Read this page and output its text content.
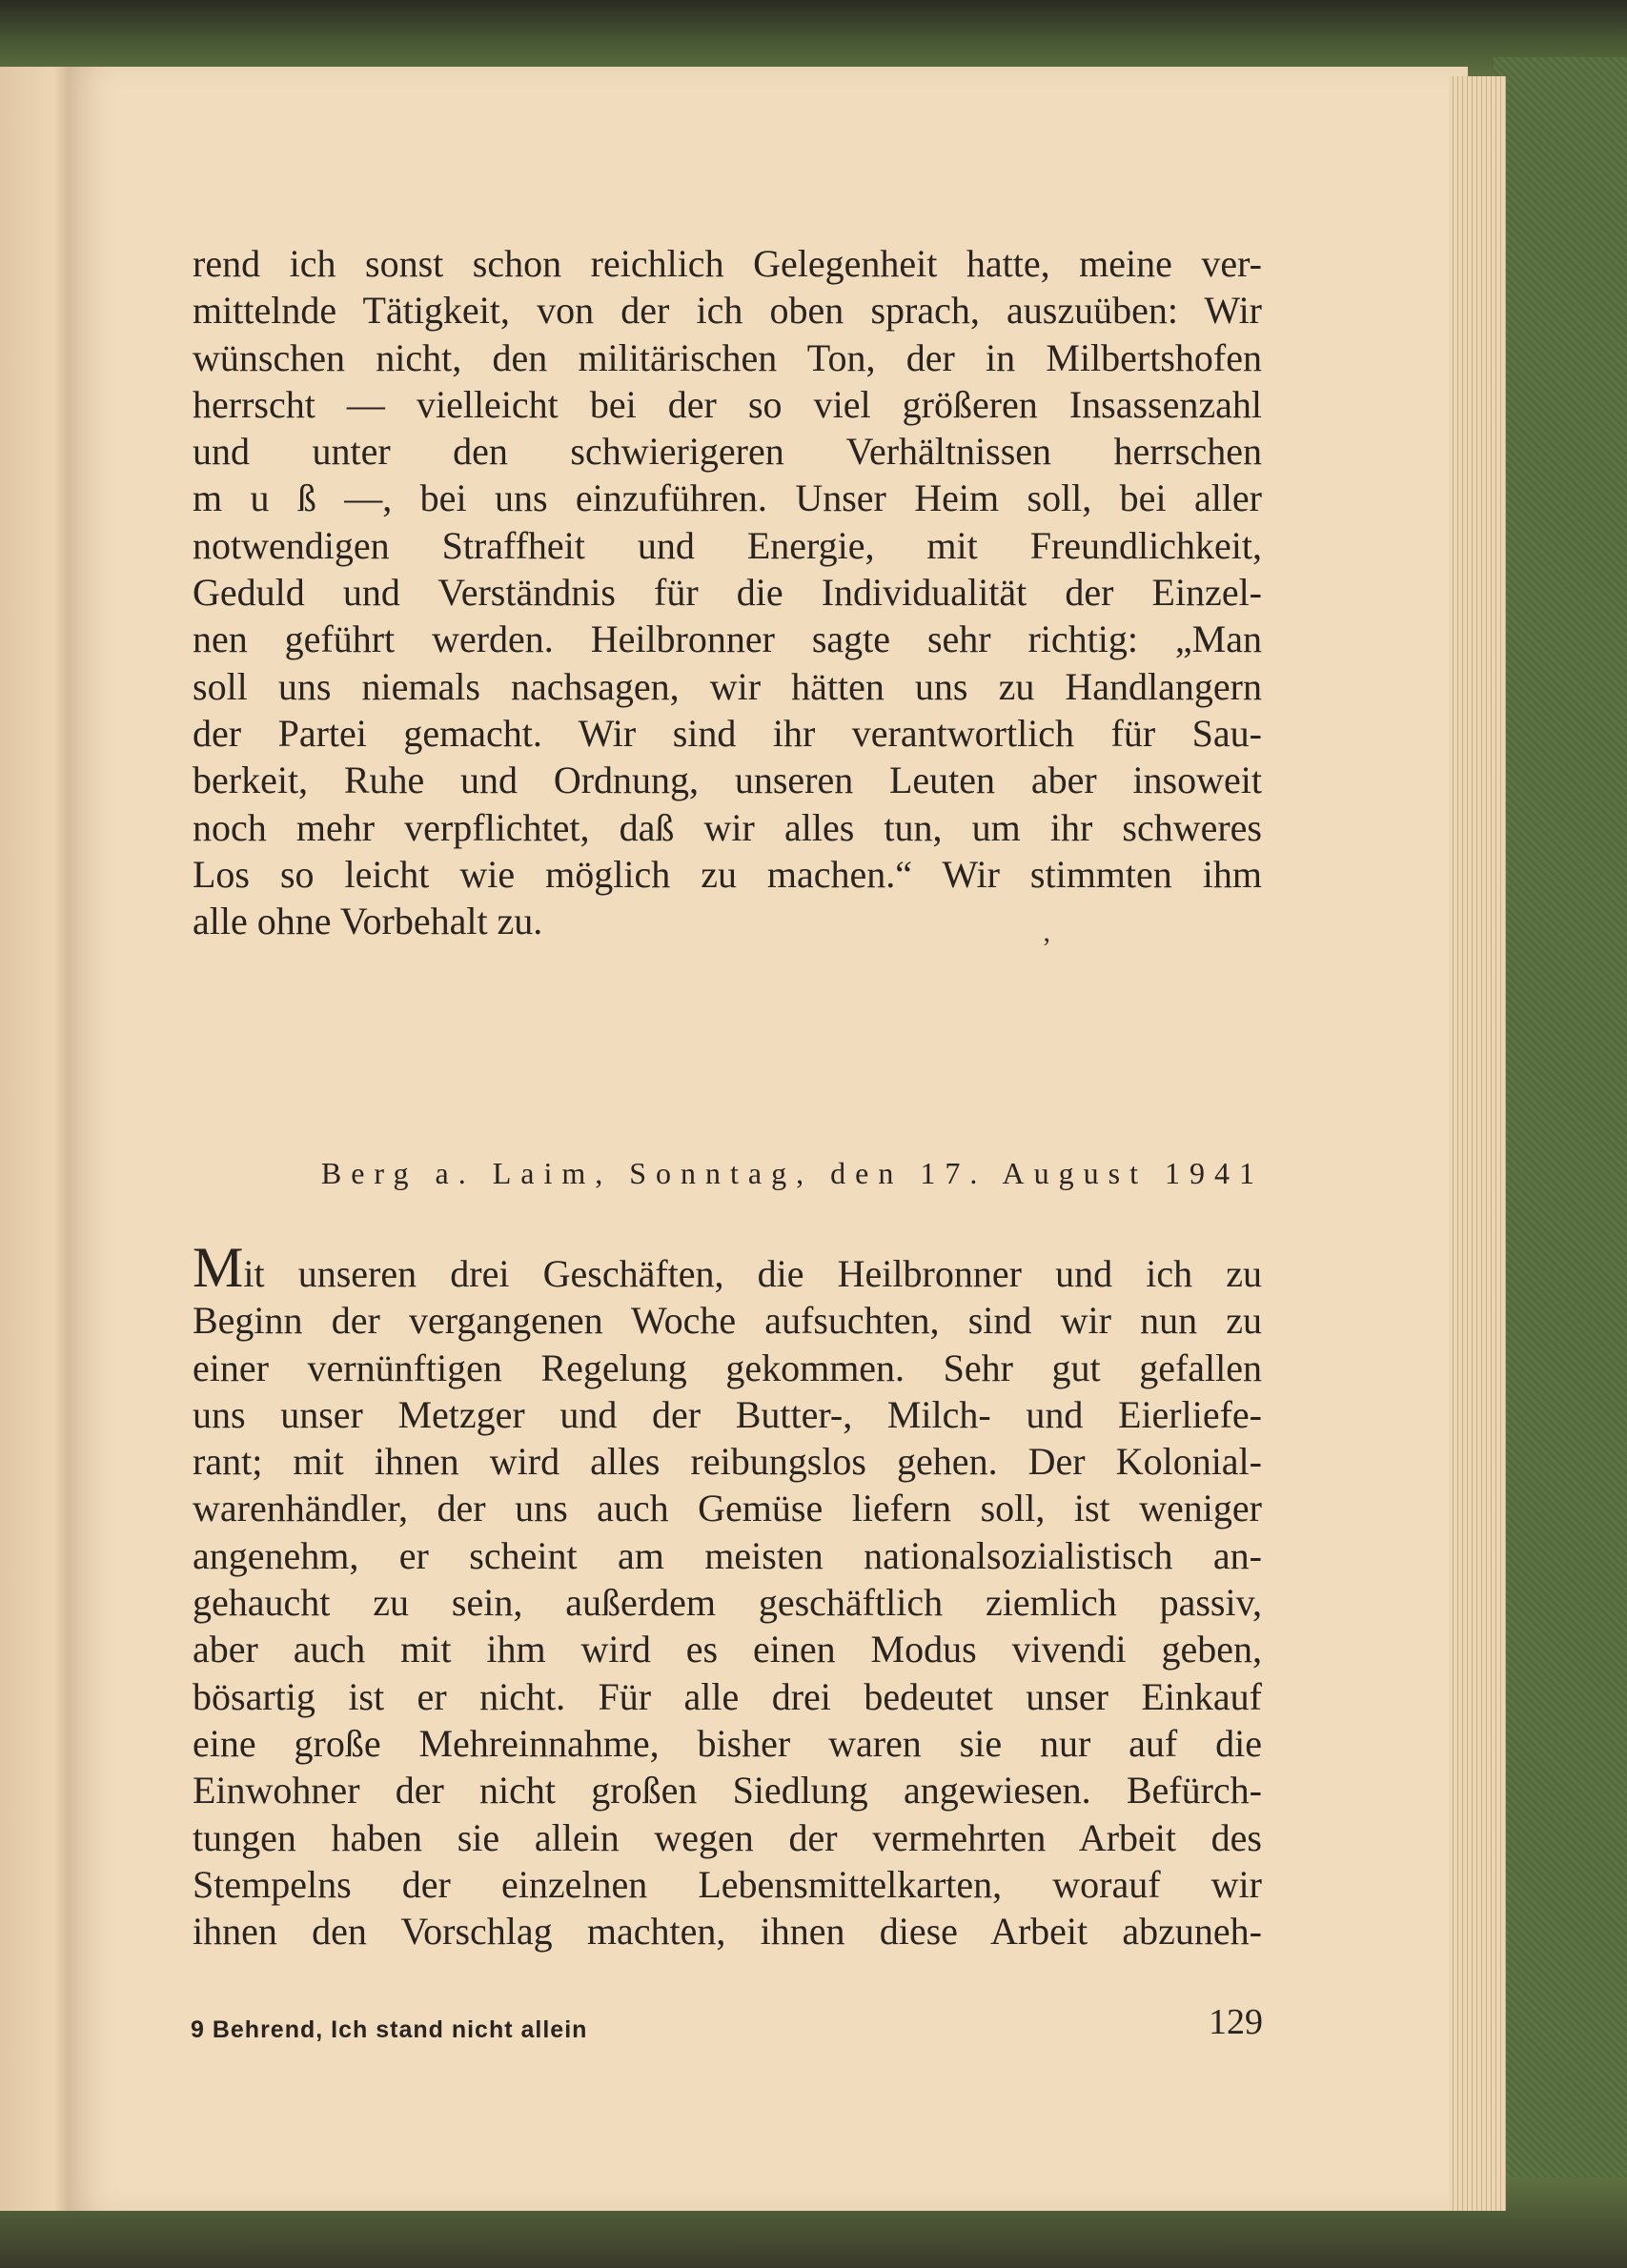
rend ich sonst schon reichlich Gelegenheit hatte, meine ver-
mittelnde Tätigkeit, von der ich oben sprach, auszuüben: Wir
wünschen nicht, den militärischen Ton, der in Milbertshofen
herrscht — vielleicht bei der so viel größeren Insassenzahl
und unter den schwierigeren Verhältnissen herrschen
m u ß —, bei uns einzuführen. Unser Heim soll, bei aller
notwendigen Straffheit und Energie, mit Freundlichkeit,
Geduld und Verständnis für die Individualität der Einzel-
nen geführt werden. Heilbronner sagte sehr richtig: „Man
soll uns niemals nachsagen, wir hätten uns zu Handlangern
der Partei gemacht. Wir sind ihr verantwortlich für Sau-
berkeit, Ruhe und Ordnung, unseren Leuten aber insoweit
noch mehr verpflichtet, daß wir alles tun, um ihr schweres
Los so leicht wie möglich zu machen.“ Wir stimmten ihm
alle ohne Vorbehalt zu.
’
Berg a. Laim, Sonntag, den 17. August 1941
Mit unseren drei Geschäften, die Heilbronner und ich zu
Beginn der vergangenen Woche aufsuchten, sind wir nun zu
einer vernünftigen Regelung gekommen. Sehr gut gefallen
uns unser Metzger und der Butter-, Milch- und Eierliefe-
rant; mit ihnen wird alles reibungslos gehen. Der Kolonial-
warenhändler, der uns auch Gemüse liefern soll, ist weniger
angenehm, er scheint am meisten nationalsozialistisch an-
gehaucht zu sein, außerdem geschäftlich ziemlich passiv,
aber auch mit ihm wird es einen Modus vivendi geben,
bösartig ist er nicht. Für alle drei bedeutet unser Einkauf
eine große Mehreinnahme, bisher waren sie nur auf die
Einwohner der nicht großen Siedlung angewiesen. Befürch-
tungen haben sie allein wegen der vermehrten Arbeit des
Stempelns der einzelnen Lebensmittelkarten, worauf wir
ihnen den Vorschlag machten, ihnen diese Arbeit abzuneh-
9 Behrend, Ich stand nicht allein	129
